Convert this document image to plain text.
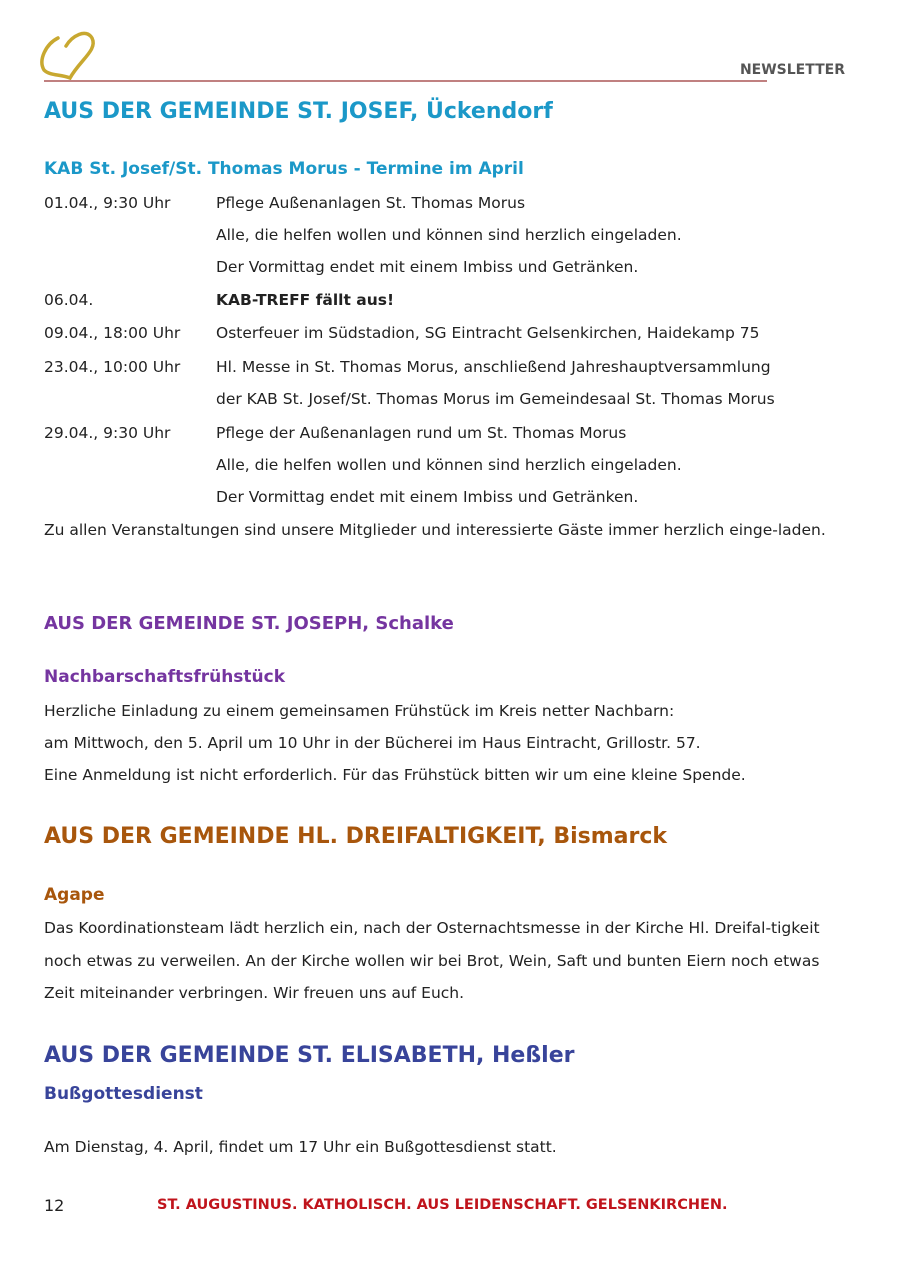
NEWSLETTER
AUS DER GEMEINDE ST. JOSEF, Ückendorf
KAB St. Josef/St. Thomas Morus - Termine im April
01.04., 9:30 Uhr	Pflege Außenanlagen St. Thomas Morus
Alle, die helfen wollen und können sind herzlich eingeladen.
Der Vormittag endet mit einem Imbiss und Getränken.
06.04.	KAB-TREFF fällt aus!
09.04., 18:00 Uhr Osterfeuer im Südstadion, SG Eintracht Gelsenkirchen, Haidekamp 75
23.04., 10:00 Uhr Hl. Messe in St. Thomas Morus, anschließend Jahreshauptversammlung
der KAB St. Josef/St. Thomas Morus im Gemeindesaal St. Thomas Morus
29.04., 9:30 Uhr	Pflege der Außenanlagen rund um St. Thomas Morus
Alle, die helfen wollen und können sind herzlich eingeladen.
Der Vormittag endet mit einem Imbiss und Getränken.
Zu allen Veranstaltungen sind unsere Mitglieder und interessierte Gäste immer herzlich einge-laden.
AUS DER GEMEINDE ST. JOSEPH, Schalke
Nachbarschaftsfrühstück
Herzliche Einladung zu einem gemeinsamen Frühstück im Kreis netter Nachbarn:
am Mittwoch, den 5. April um 10 Uhr in der Bücherei im Haus Eintracht, Grillostr. 57.
Eine Anmeldung ist nicht erforderlich. Für das Frühstück bitten wir um eine kleine Spende.
AUS DER GEMEINDE HL. DREIFALTIGKEIT, Bismarck
Agape
Das Koordinationsteam lädt herzlich ein, nach der Osternachtsmesse in der Kirche Hl. Dreifal-tigkeit noch etwas zu verweilen. An der Kirche wollen wir bei Brot, Wein, Saft und bunten Eiern noch etwas Zeit miteinander verbringen. Wir freuen uns auf Euch.
AUS DER GEMEINDE ST. ELISABETH, Heßler
Bußgottesdienst
Am Dienstag, 4. April, findet um 17 Uhr ein Bußgottesdienst statt.
12	ST. AUGUSTINUS. KATHOLISCH. AUS LEIDENSCHAFT. GELSENKIRCHEN.
